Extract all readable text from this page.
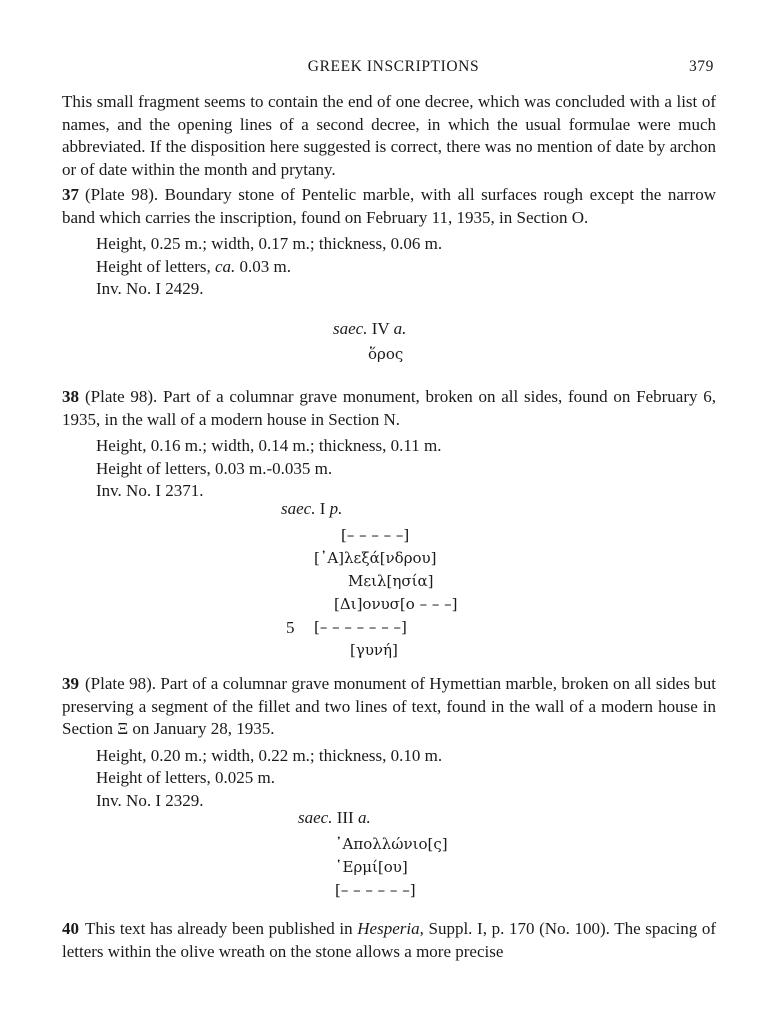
GREEK INSCRIPTIONS	379

This small fragment seems to contain the end of one decree, which was concluded with a list of names, and the opening lines of a second decree, in which the usual formulae were much abbreviated. If the disposition here suggested is correct, there was no mention of date by archon or of date within the month and prytany.

37 (Plate 98). Boundary stone of Pentelic marble, with all surfaces rough except the narrow band which carries the inscription, found on February 11, 1935, in Section O.

Height, 0.25 m.; width, 0.17 m.; thickness, 0.06 m.
Height of letters, ca. 0.03 m.
Inv. No. I 2429.
saec. IV a.
ὅρος

38 (Plate 98). Part of a columnar grave monument, broken on all sides, found on February 6, 1935, in the wall of a modern house in Section N.

Height, 0.16 m.; width, 0.14 m.; thickness, 0.11 m.
Height of letters, 0.03 m.-0.035 m.
Inv. No. I 2371.
saec. I p.
[– – – – –]
[᾿Α]λεξά[νδρου]
Μειλ[ησία]
[Δι]ονυσ[ο – – –]
5 [– – – – – – –]
[γυνή]

39 (Plate 98). Part of a columnar grave monument of Hymettian marble, broken on all sides but preserving a segment of the fillet and two lines of text, found in the wall of a modern house in Section Ξ on January 28, 1935.

Height, 0.20 m.; width, 0.22 m.; thickness, 0.10 m.
Height of letters, 0.025 m.
Inv. No. I 2329.
saec. III a.
᾿Απολλώνιο[ς]
῾Ερμί[ου]
[– – – – – –]

40 This text has already been published in Hesperia, Suppl. I, p. 170 (No. 100). The spacing of letters within the olive wreath on the stone allows a more precise
